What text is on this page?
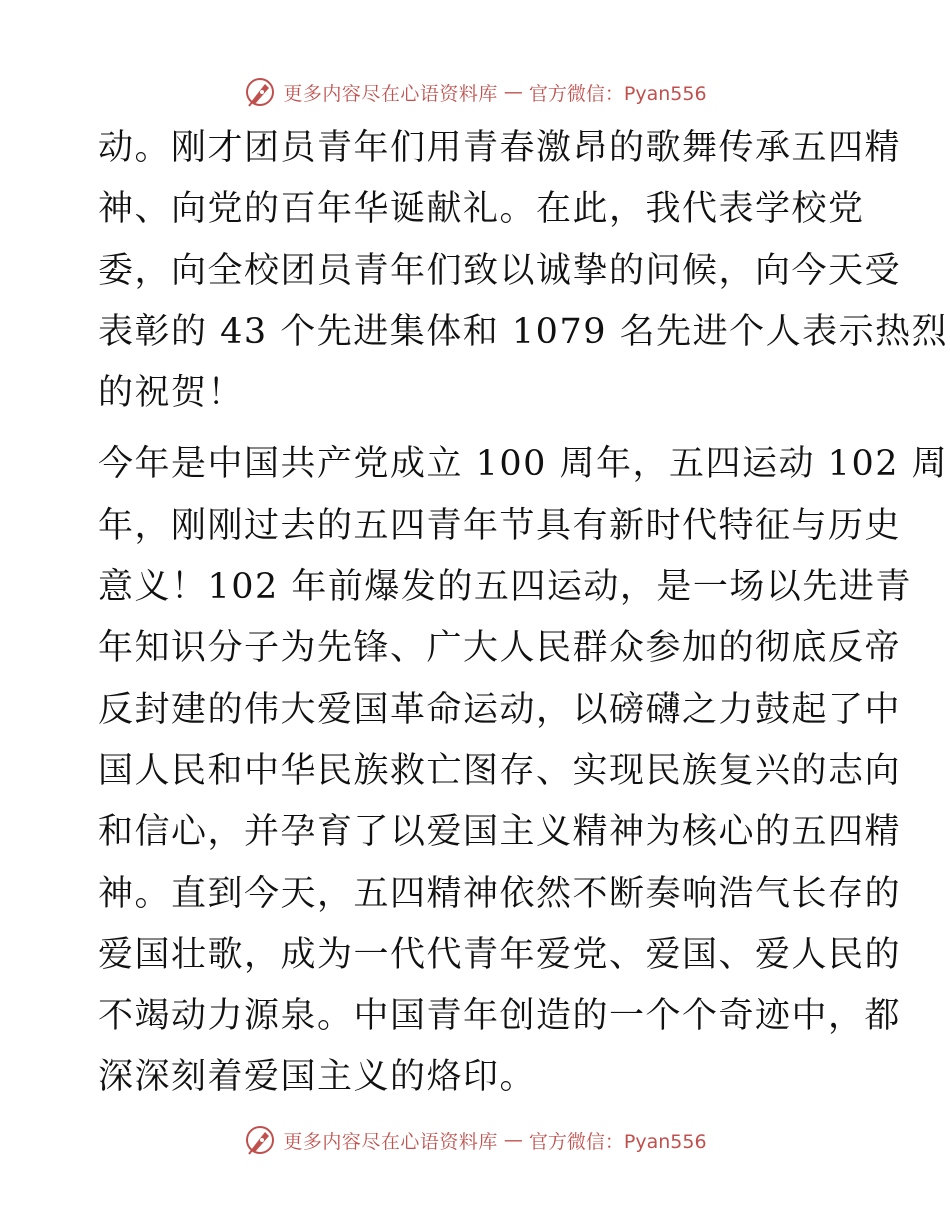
更多内容尽在心语资料库 — 官方微信：Pyan556
动。刚才团员青年们用青春激昂的歌舞传承五四精
神、向党的百年华诞献礼。在此，我代表学校党
委，向全校团员青年们致以诚挚的问候，向今天受
表彰的 43 个先进集体和 1079 名先进个人表示热烈
的祝贺！
今年是中国共产党成立 100 周年，五四运动 102 周
年，刚刚过去的五四青年节具有新时代特征与历史
意义！102 年前爆发的五四运动，是一场以先进青
年知识分子为先锋、广大人民群众参加的彻底反帝
反封建的伟大爱国革命运动，以磅礴之力鼓起了中
国人民和中华民族救亡图存、实现民族复兴的志向
和信心，并孕育了以爱国主义精神为核心的五四精
神。直到今天，五四精神依然不断奏响浩气长存的
爱国壮歌，成为一代代青年爱党、爱国、爱人民的
不竭动力源泉。中国青年创造的一个个奇迹中，都
深深刻着爱国主义的烙印。
更多内容尽在心语资料库 — 官方微信：Pyan556
